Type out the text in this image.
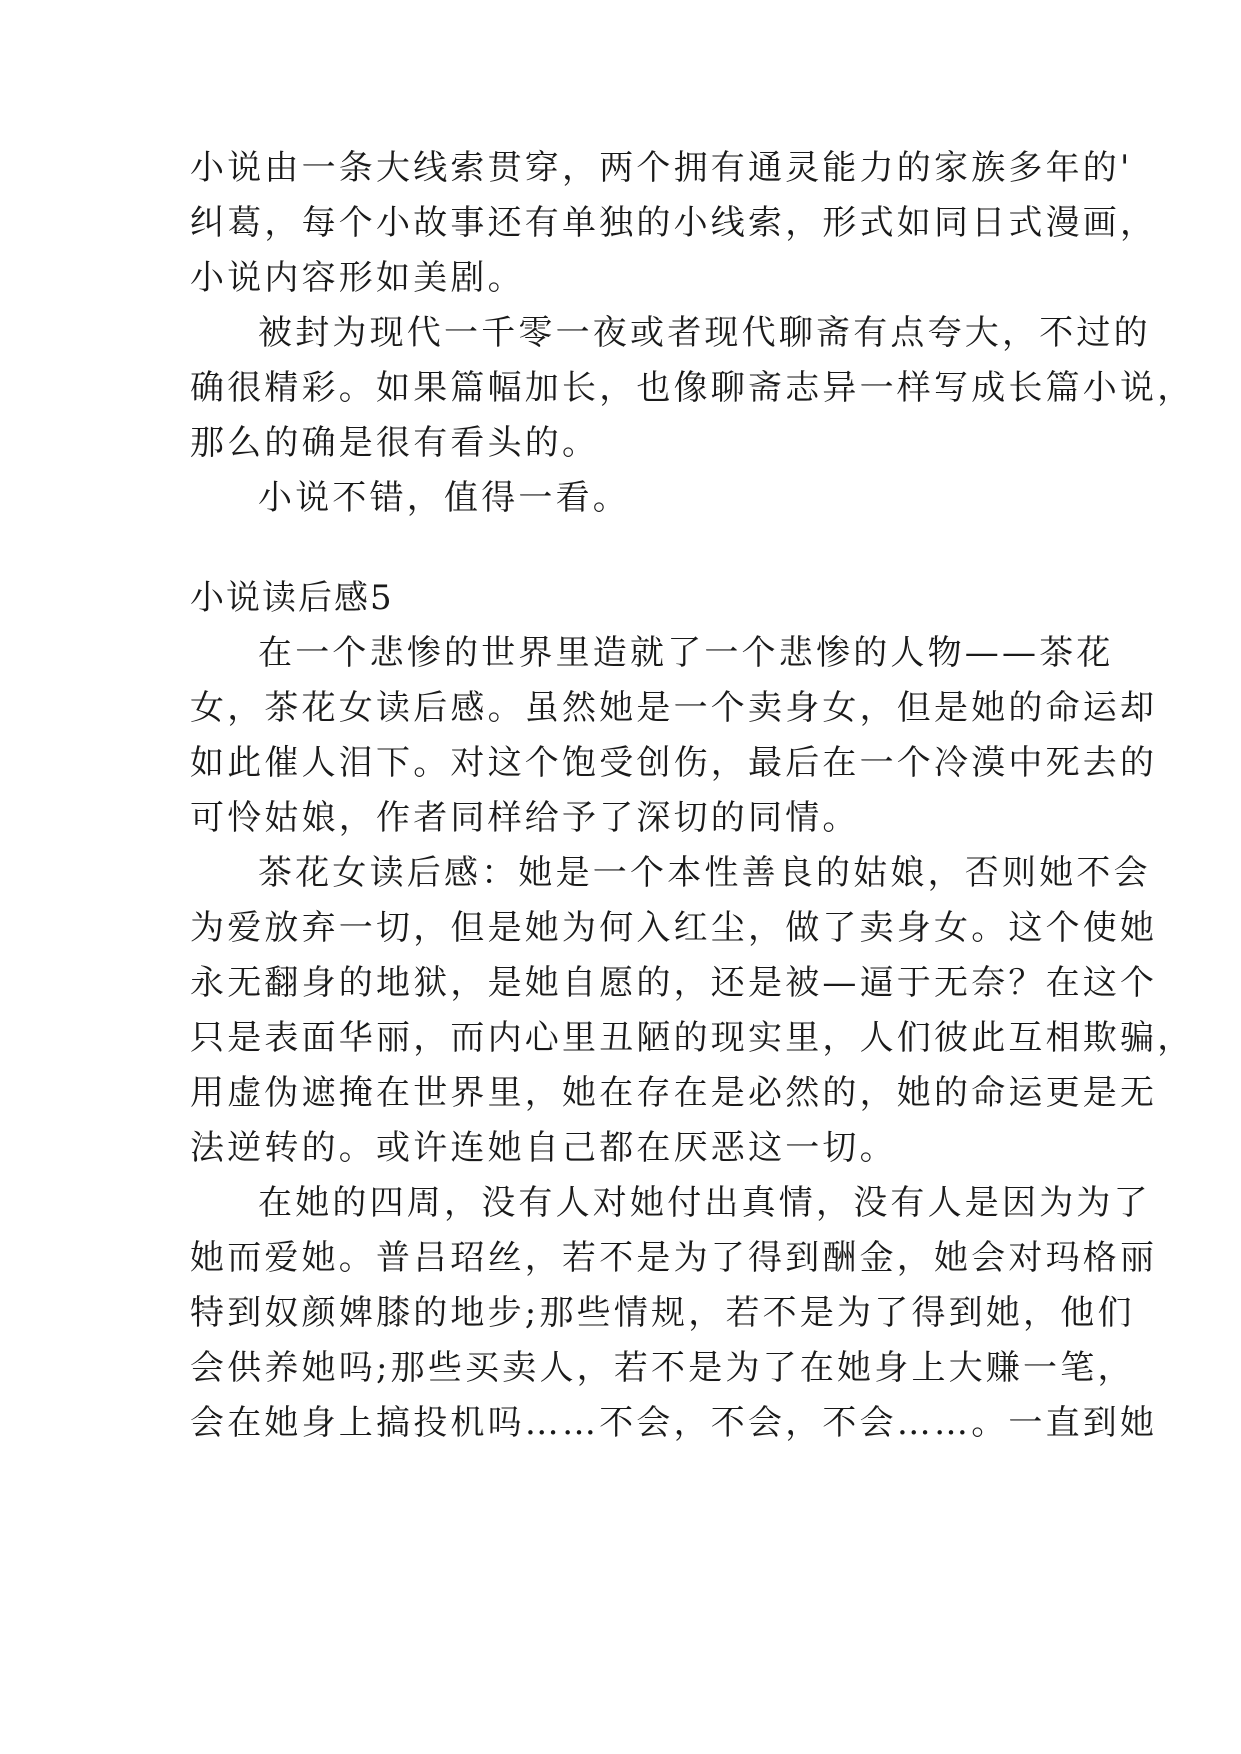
小说由一条大线索贯穿，两个拥有通灵能力的家族多年的'
纠葛，每个小故事还有单独的小线索，形式如同日式漫画，
小说内容形如美剧。
被封为现代一千零一夜或者现代聊斋有点夸大，不过的
确很精彩。如果篇幅加长，也像聊斋志异一样写成长篇小说，
那么的确是很有看头的。
小说不错，值得一看。
小说读后感5
在一个悲惨的世界里造就了一个悲惨的人物——茶花
女，茶花女读后感。虽然她是一个卖身女，但是她的命运却
如此催人泪下。对这个饱受创伤，最后在一个冷漠中死去的
可怜姑娘，作者同样给予了深切的同情。
茶花女读后感：她是一个本性善良的姑娘，否则她不会
为爱放弃一切，但是她为何入红尘，做了卖身女。这个使她
永无翻身的地狱，是她自愿的，还是被—逼于无奈？在这个
只是表面华丽，而内心里丑陋的现实里，人们彼此互相欺骗，
用虚伪遮掩在世界里，她在存在是必然的，她的命运更是无
法逆转的。或许连她自己都在厌恶这一切。
在她的四周，没有人对她付出真情，没有人是因为为了
她而爱她。普吕玿丝，若不是为了得到酬金，她会对玛格丽
特到奴颜婢膝的地步;那些情规，若不是为了得到她，他们
会供养她吗;那些买卖人，若不是为了在她身上大赚一笔，
会在她身上搞投机吗……不会，不会，不会……。一直到她
